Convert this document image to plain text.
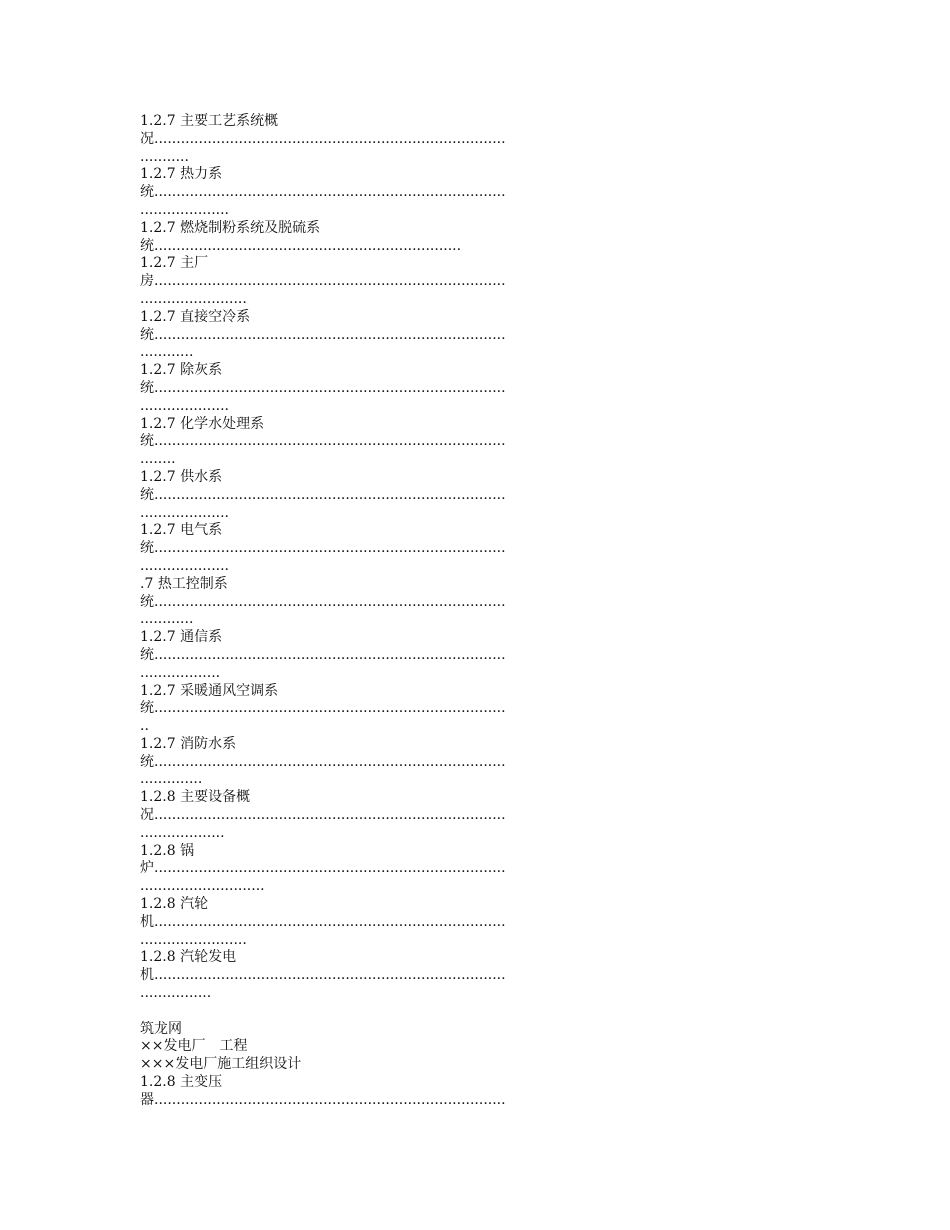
1.2.7 主要工艺系统概
况...............................................................................
...........
1.2.7 热力系
统...............................................................................
....................
1.2.7 燃烧制粉系统及脱硫系
统.....................................................................
1.2.7 主厂
房...............................................................................
........................
1.2.7 直接空冷系
统...............................................................................
............
1.2.7 除灰系
统...............................................................................
....................
1.2.7 化学水处理系
统...............................................................................
........
1.2.7 供水系
统...............................................................................
....................
1.2.7 电气系
统...............................................................................
....................
.7 热工控制系
统...............................................................................
............
1.2.7 通信系
统...............................................................................
..................
1.2.7 采暖通风空调系
统...............................................................................
..
1.2.7 消防水系
统...............................................................................
..............
1.2.8 主要设备概
况...............................................................................
...................
1.2.8 锅
炉...............................................................................
............................
1.2.8 汽轮
机...............................................................................
........................
1.2.8 汽轮发电
机...............................................................................
................
筑龙网
××发电厂　工程
×××发电厂施工组织设计
1.2.8 主变压
器...............................................................................
